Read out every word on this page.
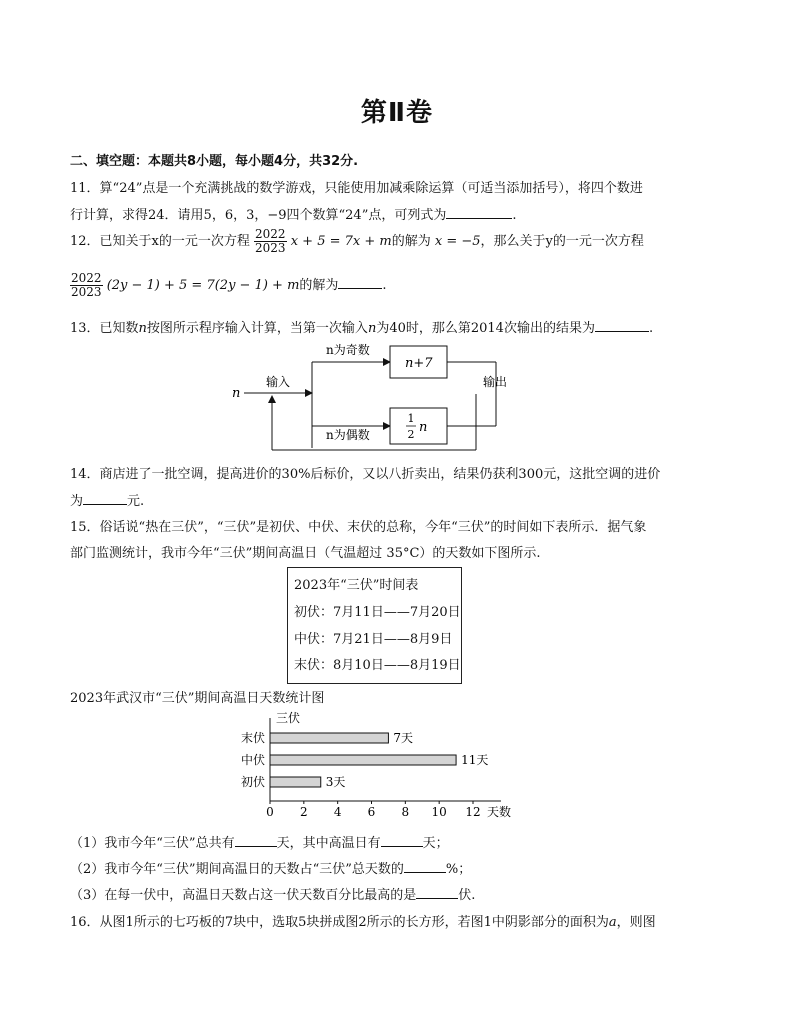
第Ⅱ卷
二、填空题：本题共8小题，每小题4分，共32分.
11．算“24”点是一个充满挑战的数学游戏，只能使用加减乘除运算（可适当添加括号），将四个数进
行计算，求得24．请用5，6，3，−9四个数算“24”点，可列式为	.
12．已知关于x的一元一次方程 $\frac{2022}{2023}$ x + 5 = 7x + m的解为 x = −5，那么关于y的一元一次方程
$\frac{2022}{2023} (2y - 1) + 5 = 7(2y - 1) + m$的解为	.
13．已知数n按图所示程序输入计算，当第一次输入n为40时，那么第2014次输出的结果为	.
n
输入
n为奇数
n为偶数
n+7
1
2 n
输出
14．商店进了一批空调，提高进价的30%后标价，又以八折卖出，结果仍获利300元，这批空调的进价
为	元.
15．俗话说“热在三伏”，“三伏”是初伏、中伏、末伏的总称，今年“三伏”的时间如下表所示．据气象
部门监测统计，我市今年“三伏”期间高温日（气温超过 35°C）的天数如下图所示.
2023年“三伏”时间表
初伏：7月11日——7月20日
中伏：7月21日——8月9日
末伏：8月10日——8月19日
2023年武汉市“三伏”期间高温日天数统计图
三伏
天数
0 2 4 6 8 10 12
末伏	7天
中伏	11天
初伏	3天
（1）我市今年“三伏”总共有	天，其中高温日有	天；
（2）我市今年“三伏”期间高温日的天数占“三伏”总天数的	%；
（3）在每一伏中，高温日天数占这一伏天数百分比最高的是	伏.
16．从图1所示的七巧板的7块中，选取5块拼成图2所示的长方形，若图1中阴影部分的面积为a，则图
